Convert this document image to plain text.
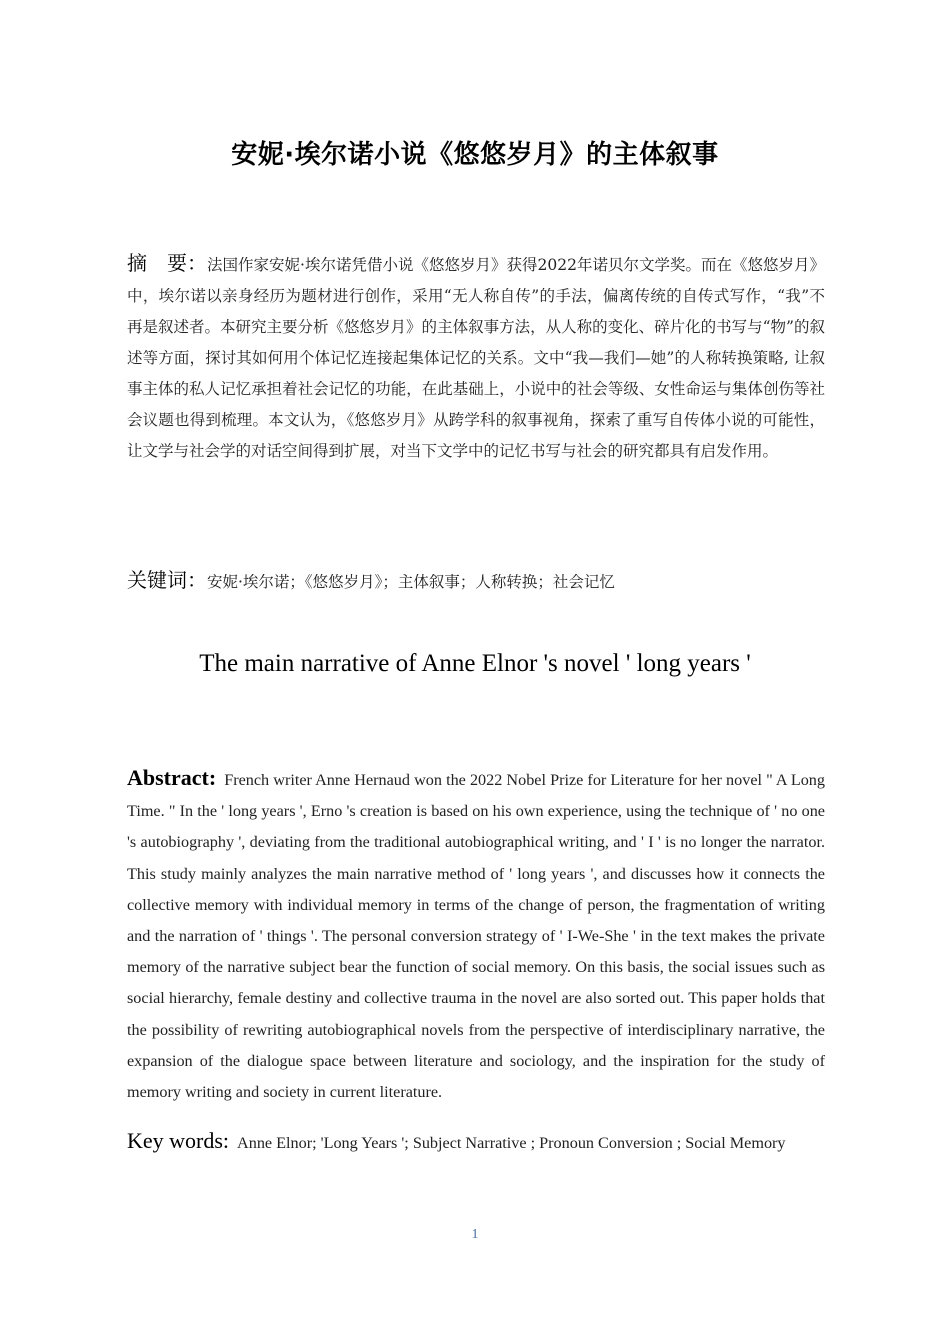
安妮·埃尔诺小说《悠悠岁月》的主体叙事
摘　要：法国作家安妮·埃尔诺凭借小说《悠悠岁月》获得2022年诺贝尔文学奖。而在《悠悠岁月》中，埃尔诺以亲身经历为题材进行创作，采用“无人称自传”的手法，偏离传统的自传式写作，“我”不再是叙述者。本研究主要分析《悠悠岁月》的主体叙事方法，从人称的变化、碎片化的书写与“物”的叙述等方面，探讨其如何用个体记忆连接起集体记忆的关系。文中“我—我们—她”的人称转换策略, 让叙事主体的私人记忆承担着社会记忆的功能，在此基础上，小说中的社会等级、女性命运与集体创伤等社会议题也得到梳理。本文认为，《悠悠岁月》从跨学科的叙事视角，探索了重写自传体小说的可能性，让文学与社会学的对话空间得到扩展，对当下文学中的记忆书写与社会的研究都具有启发作用。
关键词：安妮·埃尔诺；《悠悠岁月》；主体叙事；人称转换；社会记忆
The main narrative of Anne Elnor 's novel ' long years '
Abstract: French writer Anne Hernaud won the 2022 Nobel Prize for Literature for her novel " A Long Time. " In the ' long years ', Erno 's creation is based on his own experience, using the technique of ' no one 's autobiography ', deviating from the traditional autobiographical writing, and ' I ' is no longer the narrator. This study mainly analyzes the main narrative method of ' long years ', and discusses how it connects the collective memory with individual memory in terms of the change of person, the fragmentation of writing and the narration of ' things '. The personal conversion strategy of ' I-We-She ' in the text makes the private memory of the narrative subject bear the function of social memory. On this basis, the social issues such as social hierarchy, female destiny and collective trauma in the novel are also sorted out. This paper holds that the possibility of rewriting autobiographical novels from the perspective of interdisciplinary narrative, the expansion of the dialogue space between literature and sociology, and the inspiration for the study of memory writing and society in current literature.
Key words: Anne Elnor; 'Long Years '; Subject Narrative ; Pronoun Conversion ; Social Memory
1
